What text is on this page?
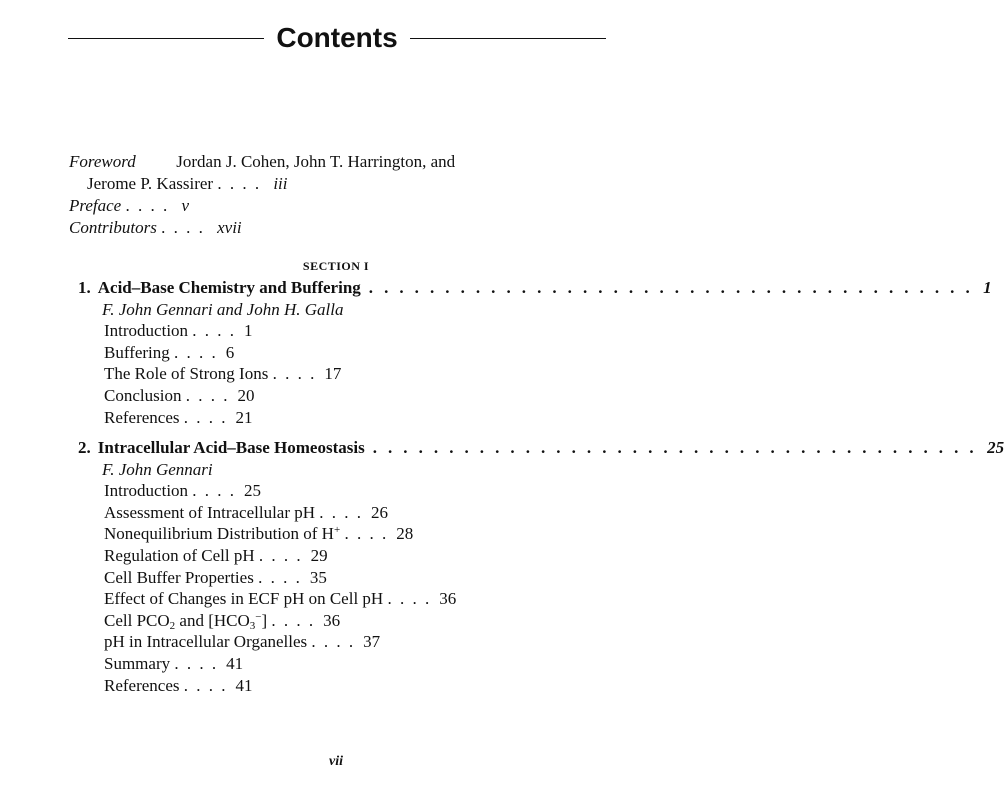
Contents
Foreword Jordan J. Cohen, John T. Harrington, and
Jerome P. Kassirer . . . . iii
Preface . . . . v
Contributors . . . . xvii
SECTION I
1. Acid–Base Chemistry and Buffering . . . . . . . . . . . . . . . . . . . . . . . . . . . . . . . . . . . . . . . . 1
F. John Gennari and John H. Galla
Introduction . . . . 1
Buffering . . . . 6
The Role of Strong Ions . . . . 17
Conclusion . . . . 20
References . . . . 21
2. Intracellular Acid–Base Homeostasis . . . . . . . . . . . . . . . . . . . . . . . . . . . . . . . . . . . . . . . . 25
F. John Gennari
Introduction . . . . 25
Assessment of Intracellular pH . . . . 26
Nonequilibrium Distribution of H+ . . . . 28
Regulation of Cell pH . . . . 29
Cell Buffer Properties . . . . 35
Effect of Changes in ECF pH on Cell pH . . . . 36
Cell $PCO_2$ and $[HCO_3^-]$ . . . . 36
pH in Intracellular Organelles . . . . 37
Summary . . . . 41
References . . . . 41
vii
